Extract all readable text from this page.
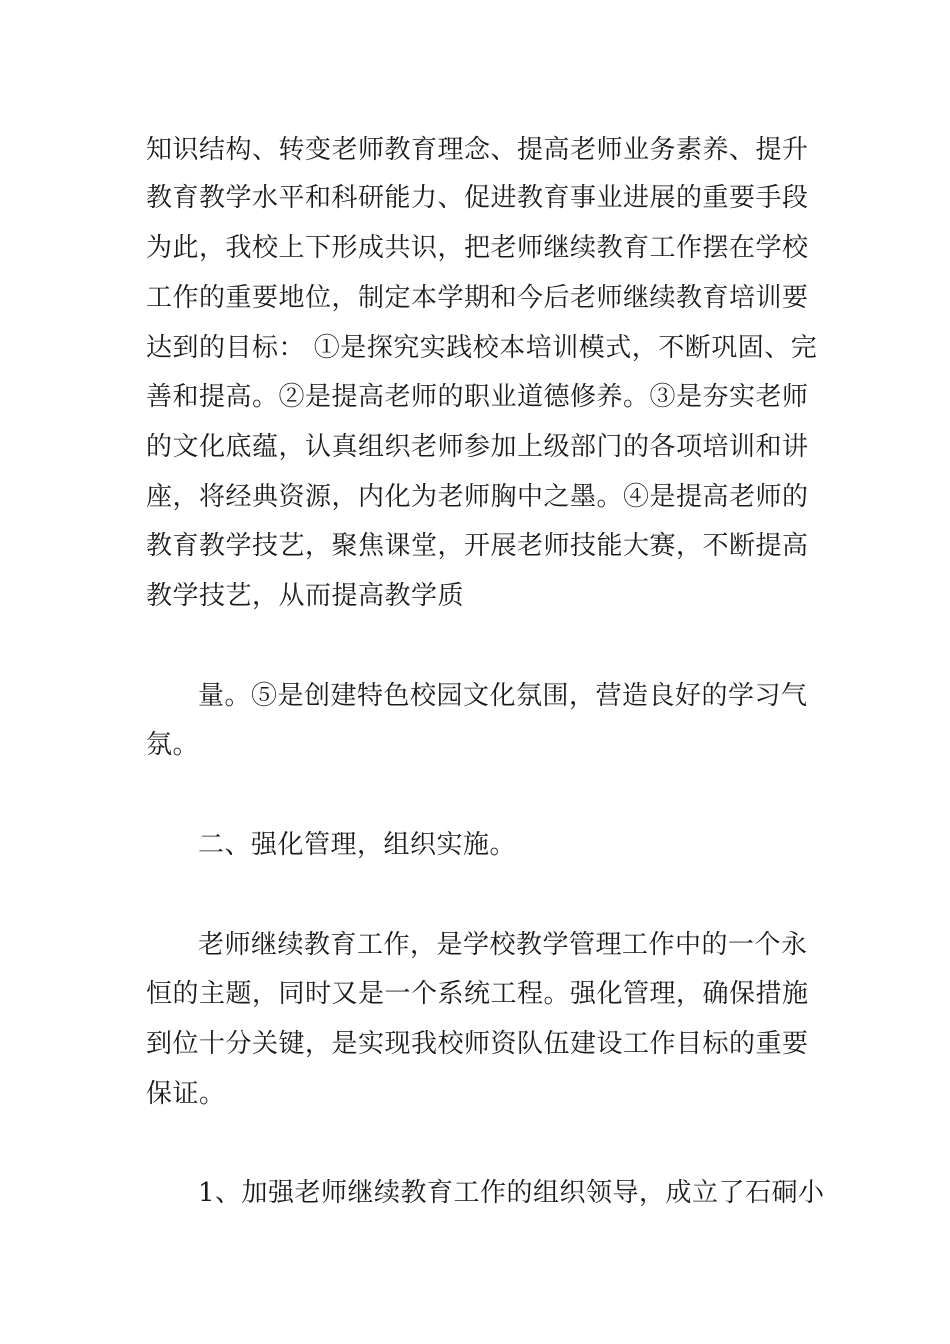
知识结构、转变老师教育理念、提高老师业务素养、提升
教育教学水平和科研能力、促进教育事业进展的重要手段
为此，我校上下形成共识，把老师继续教育工作摆在学校
工作的重要地位，制定本学期和今后老师继续教育培训要
达到的目标： ①是探究实践校本培训模式，不断巩固、完
善和提高。②是提高老师的职业道德修养。③是夯实老师
的文化底蕴，认真组织老师参加上级部门的各项培训和讲
座，将经典资源，内化为老师胸中之墨。④是提高老师的
教育教学技艺，聚焦课堂，开展老师技能大赛，不断提高
教学技艺，从而提高教学质
量。⑤是创建特色校园文化氛围，营造良好的学习气
氛。
二、强化管理，组织实施。
老师继续教育工作，是学校教学管理工作中的一个永
恒的主题，同时又是一个系统工程。强化管理，确保措施
到位十分关键，是实现我校师资队伍建设工作目标的重要
保证。
1、加强老师继续教育工作的组织领导，成立了石硐小
